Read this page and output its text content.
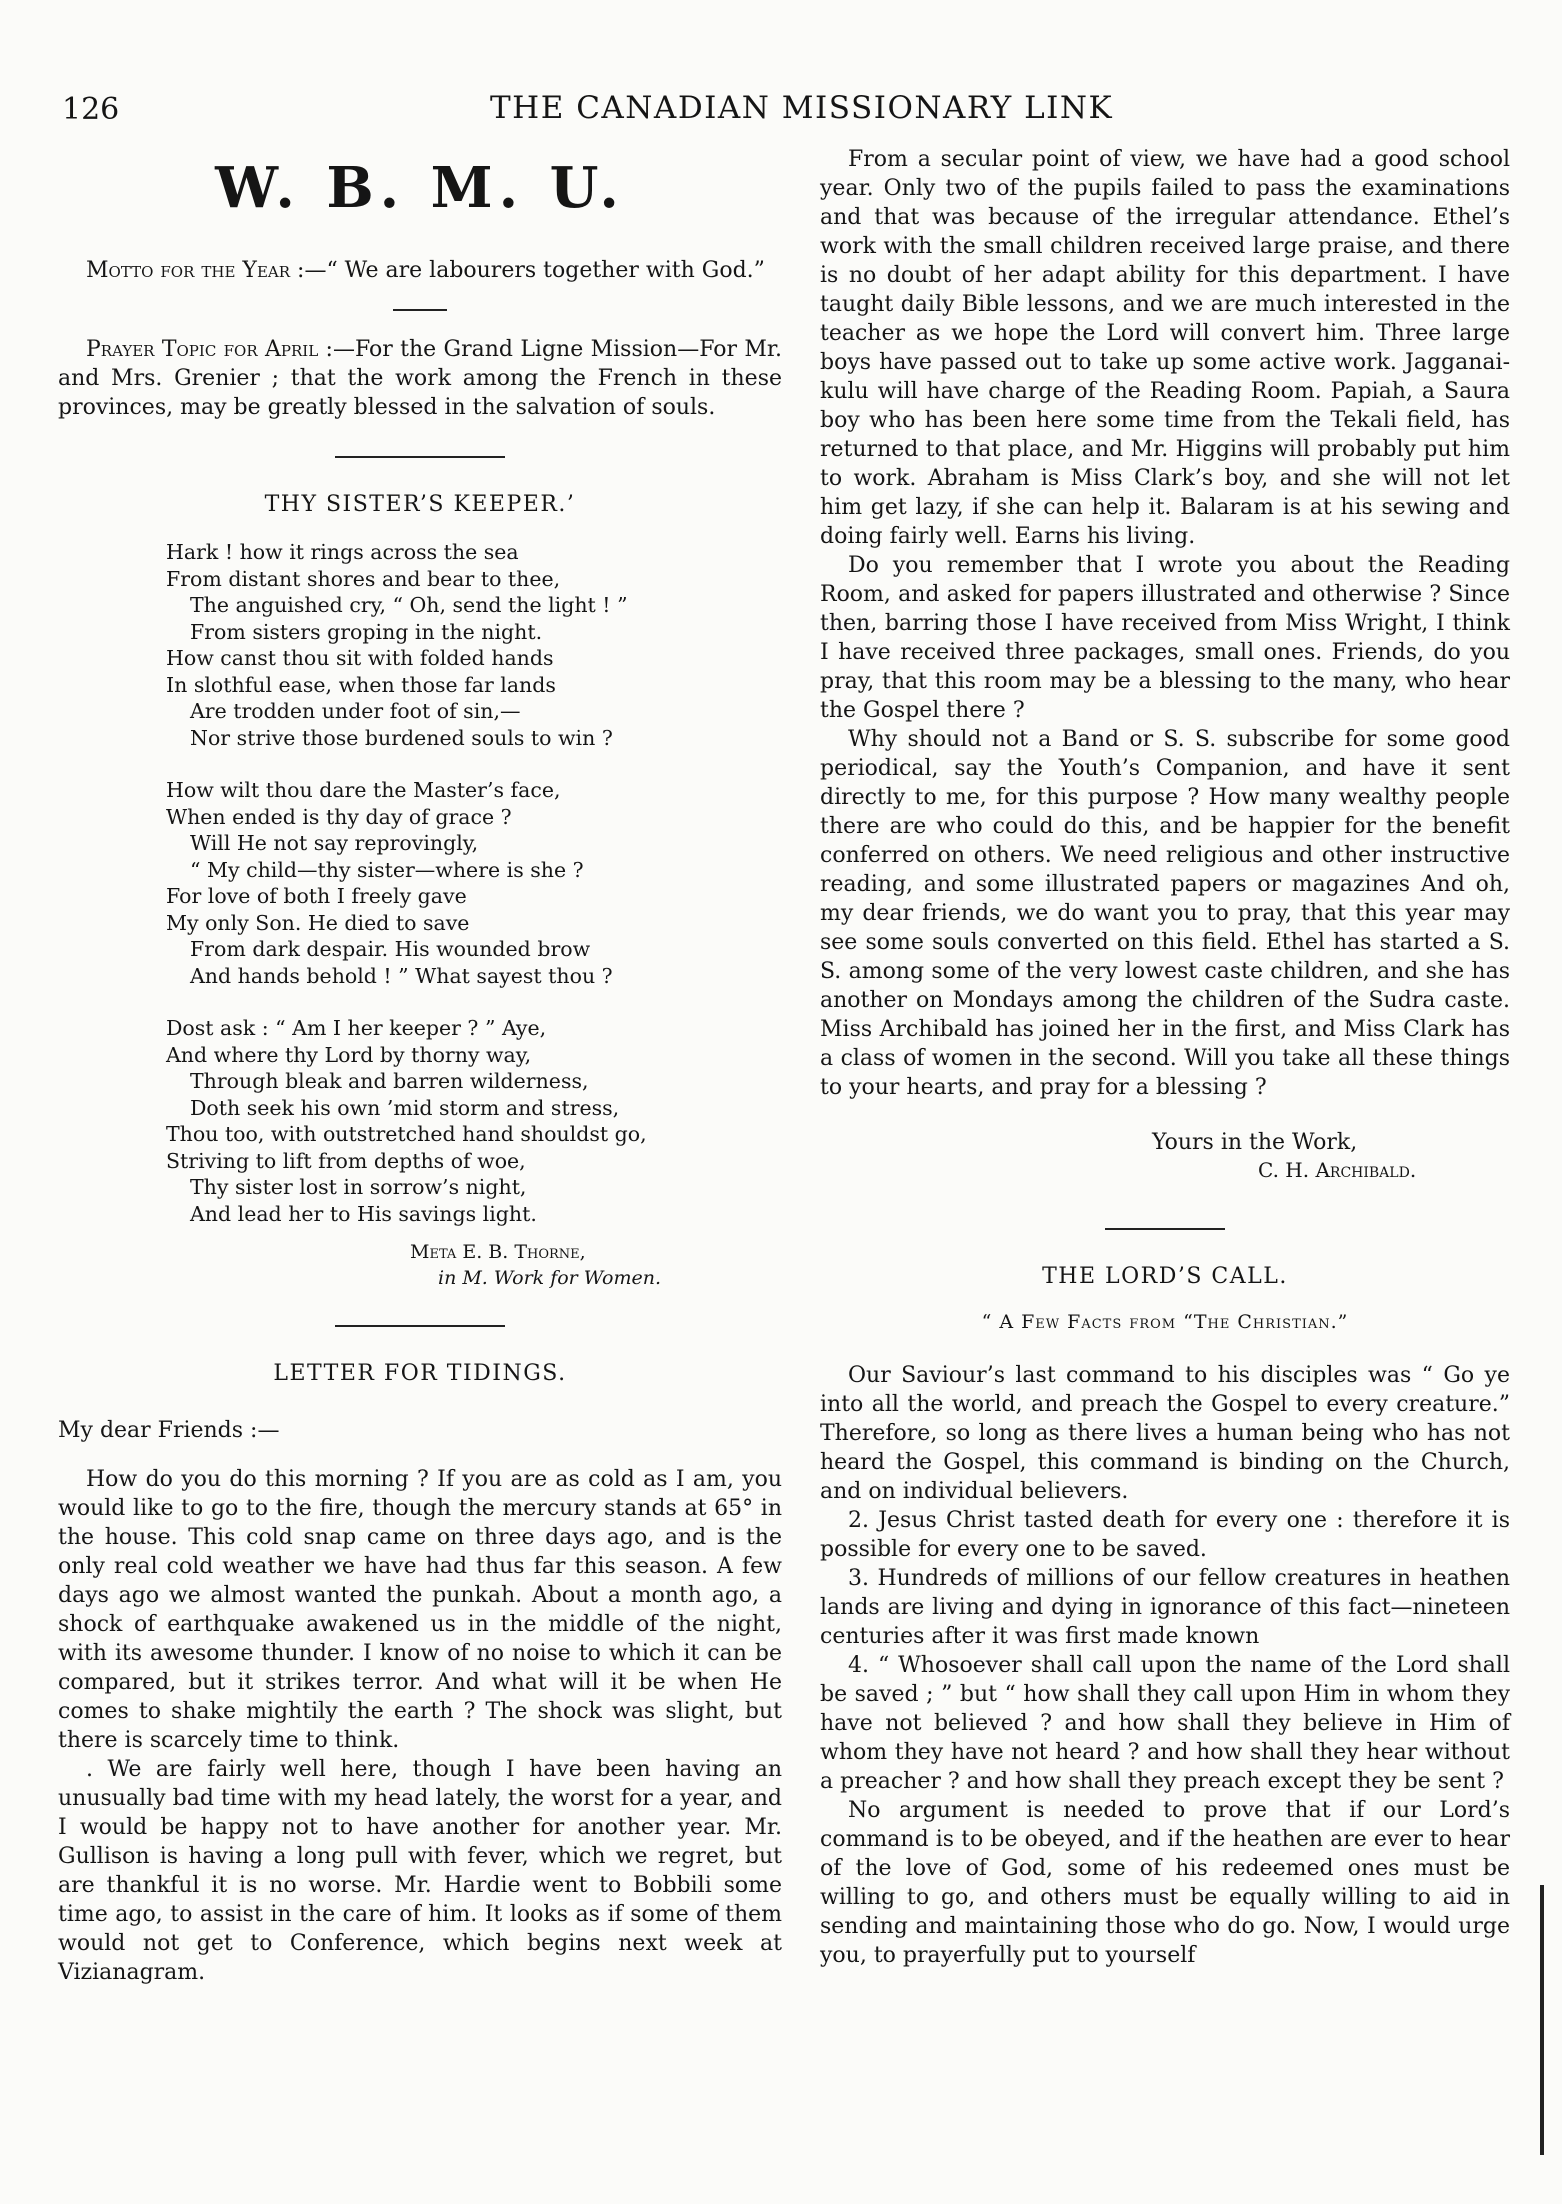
126	THE CANADIAN MISSIONARY LINK
W. B. M. U.

Motto for the Year :—“ We are labourers together with God.”

Prayer Topic for April :—For the Grand Ligne Mission—For Mr. and Mrs. Grenier ; that the work among the French in these provinces, may be greatly blessed in the salvation of souls.

THY SISTER’S KEEPER.’
Hark ! how it rings across the sea
From distant shores and bear to thee,
The anguished cry, “ Oh, send the light ! ”
From sisters groping in the night.
How canst thou sit with folded hands
In slothful ease, when those far lands
Are trodden under foot of sin,—
Nor strive those burdened souls to win ?
How wilt thou dare the Master’s face,
When ended is thy day of grace ?
Will He not say reprovingly,
“ My child—thy sister—where is she ?
For love of both I freely gave
My only Son. He died to save
From dark despair. His wounded brow
And hands behold ! ” What sayest thou ?
Dost ask : “ Am I her keeper ? ” Aye,
And where thy Lord by thorny way,
Through bleak and barren wilderness,
Doth seek his own ’mid storm and stress,
Thou too, with outstretched hand shouldst go,
Striving to lift from depths of woe,
Thy sister lost in sorrow’s night,
And lead her to His savings light.
Meta E. B. Thorne,
in M. Work for Women.
LETTER FOR TIDINGS.
My dear Friends :—

How do you do this morning ? If you are as cold as I am, you would like to go to the fire, though the mercury stands at 65° in the house. This cold snap came on three days ago, and is the only real cold weather we have had thus far this season. A few days ago we almost wanted the punkah. About a month ago, a shock of earthquake awakened us in the middle of the night, with its awesome thunder. I know of no noise to which it can be compared, but it strikes terror. And what will it be when He comes to shake mightily the earth ? The shock was slight, but there is scarcely time to think.

. We are fairly well here, though I have been having an unusually bad time with my head lately, the worst for a year, and I would be happy not to have another for another year. Mr. Gullison is having a long pull with fever, which we regret, but are thankful it is no worse. Mr. Hardie went to Bobbili some time ago, to assist in the care of him. It looks as if some of them would not get to Conference, which begins next week at Vizianagram.

From a secular point of view, we have had a good school year. Only two of the pupils failed to pass the examinations and that was because of the irregular attendance. Ethel’s work with the small children received large praise, and there is no doubt of her adapt ability for this department. I have taught daily Bible lessons, and we are much interested in the teacher as we hope the Lord will convert him. Three large boys have passed out to take up some active work. Jagganai-kulu will have charge of the Reading Room. Papiah, a Saura boy who has been here some time from the Tekali field, has returned to that place, and Mr. Higgins will probably put him to work. Abraham is Miss Clark’s boy, and she will not let him get lazy, if she can help it. Balaram is at his sewing and doing fairly well. Earns his living.

Do you remember that I wrote you about the Reading Room, and asked for papers illustrated and otherwise ? Since then, barring those I have received from Miss Wright, I think I have received three packages, small ones. Friends, do you pray, that this room may be a blessing to the many, who hear the Gospel there ?

Why should not a Band or S. S. subscribe for some good periodical, say the Youth’s Companion, and have it sent directly to me, for this purpose ? How many wealthy people there are who could do this, and be happier for the benefit conferred on others. We need religious and other instructive reading, and some illustrated papers or magazines And oh, my dear friends, we do want you to pray, that this year may see some souls converted on this field. Ethel has started a S. S. among some of the very lowest caste children, and she has another on Mondays among the children of the Sudra caste. Miss Archibald has joined her in the first, and Miss Clark has a class of women in the second. Will you take all these things to your hearts, and pray for a blessing ?

Yours in the Work,
C. H. Archibald.
THE LORD’S CALL.
“ A Few Facts from “The Christian.”

Our Saviour’s last command to his disciples was “ Go ye into all the world, and preach the Gospel to every creature.” Therefore, so long as there lives a human being who has not heard the Gospel, this command is binding on the Church, and on individual believers.

2. Jesus Christ tasted death for every one : therefore it is possible for every one to be saved.

3. Hundreds of millions of our fellow creatures in heathen lands are living and dying in ignorance of this fact—nineteen centuries after it was first made known

4. “ Whosoever shall call upon the name of the Lord shall be saved ; ” but “ how shall they call upon Him in whom they have not believed ? and how shall they believe in Him of whom they have not heard ? and how shall they hear without a preacher ? and how shall they preach except they be sent ?

No argument is needed to prove that if our Lord’s command is to be obeyed, and if the heathen are ever to hear of the love of God, some of his redeemed ones must be willing to go, and others must be equally willing to aid in sending and maintaining those who do go. Now, I would urge you, to prayerfully put to yourself
